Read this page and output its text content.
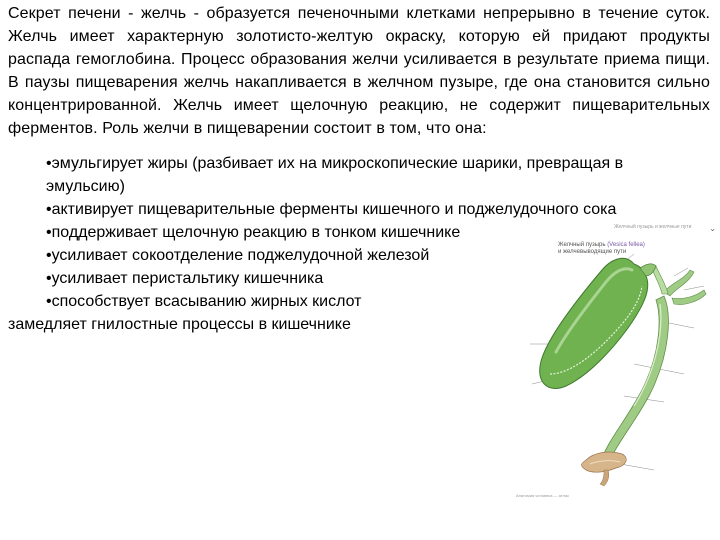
Секрет печени - желчь - образуется печеночными клетками непрерывно в течение суток. Желчь имеет характерную золотисто-желтую окраску, которую ей придают продукты распада гемоглобина. Процесс образования желчи усиливается в результате приема пищи. В паузы пищеварения желчь накапливается в желчном пузыре, где она становится сильно концентрированной. Желчь имеет щелочную реакцию, не содержит пищеварительных ферментов. Роль желчи в пищеварении состоит в том, что она:

•эмульгирует жиры (разбивает их на микроскопические шарики, превращая в
эмульсию)
•активирует пищеварительные ферменты кишечного и поджелудочного сока
•поддерживает щелочную реакцию в тонком кишечнике
•усиливает сокоотделение поджелудочной железой
•усиливает перистальтику кишечника
•способствует всасыванию жирных кислот
замедляет гнилостные процессы в кишечнике
Желчный пузырь и желчные пути ⌄
Желчный пузырь (Vesica fellea)
и желчевыводящие пути
Анатомия человека — атлас
